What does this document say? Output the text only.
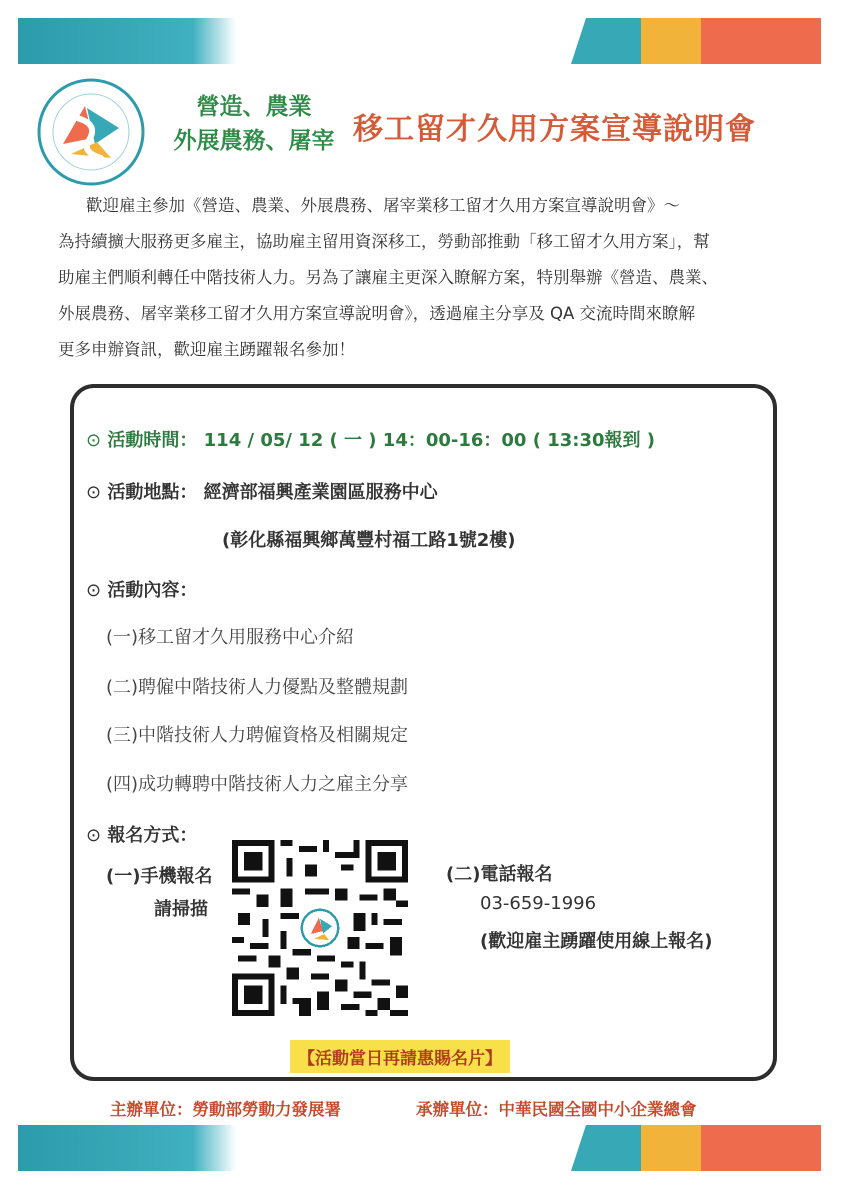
營造、農業
外展農務、屠宰 移工留才久用方案宣導說明會

歡迎雇主參加《營造、農業、外展農務、屠宰業移工留才久用方案宣導說明會》～

為持續擴大服務更多雇主，協助雇主留用資深移工，勞動部推動「移工留才久用方案」，幫

助雇主們順利轉任中階技術人力。另為了讓雇主更深入瞭解方案，特別舉辦《營造、農業、

外展農務、屠宰業移工留才久用方案宣導說明會》，透過雇主分享及 QA 交流時間來瞭解

更多申辦資訊，歡迎雇主踴躍報名參加！

⊙ 活動時間： 114 / 05/ 12 ( 一 ) 14：00-16：00 ( 13:30報到 )
⊙ 活動地點： 經濟部福興產業園區服務中心
(彰化縣福興鄉萬豐村福工路1號2樓)
⊙ 活動內容：
(一)移工留才久用服務中心介紹
(二)聘僱中階技術人力優點及整體規劃
(三)中階技術人力聘僱資格及相關規定
(四)成功轉聘中階技術人力之雇主分享
⊙ 報名方式：
(一)手機報名
請掃描
(二)電話報名
03-659-1996
(歡迎雇主踴躍使用線上報名)
【活動當日再請惠賜名片】
主辦單位：勞動部勞動力發展署	承辦單位：中華民國全國中小企業總會
